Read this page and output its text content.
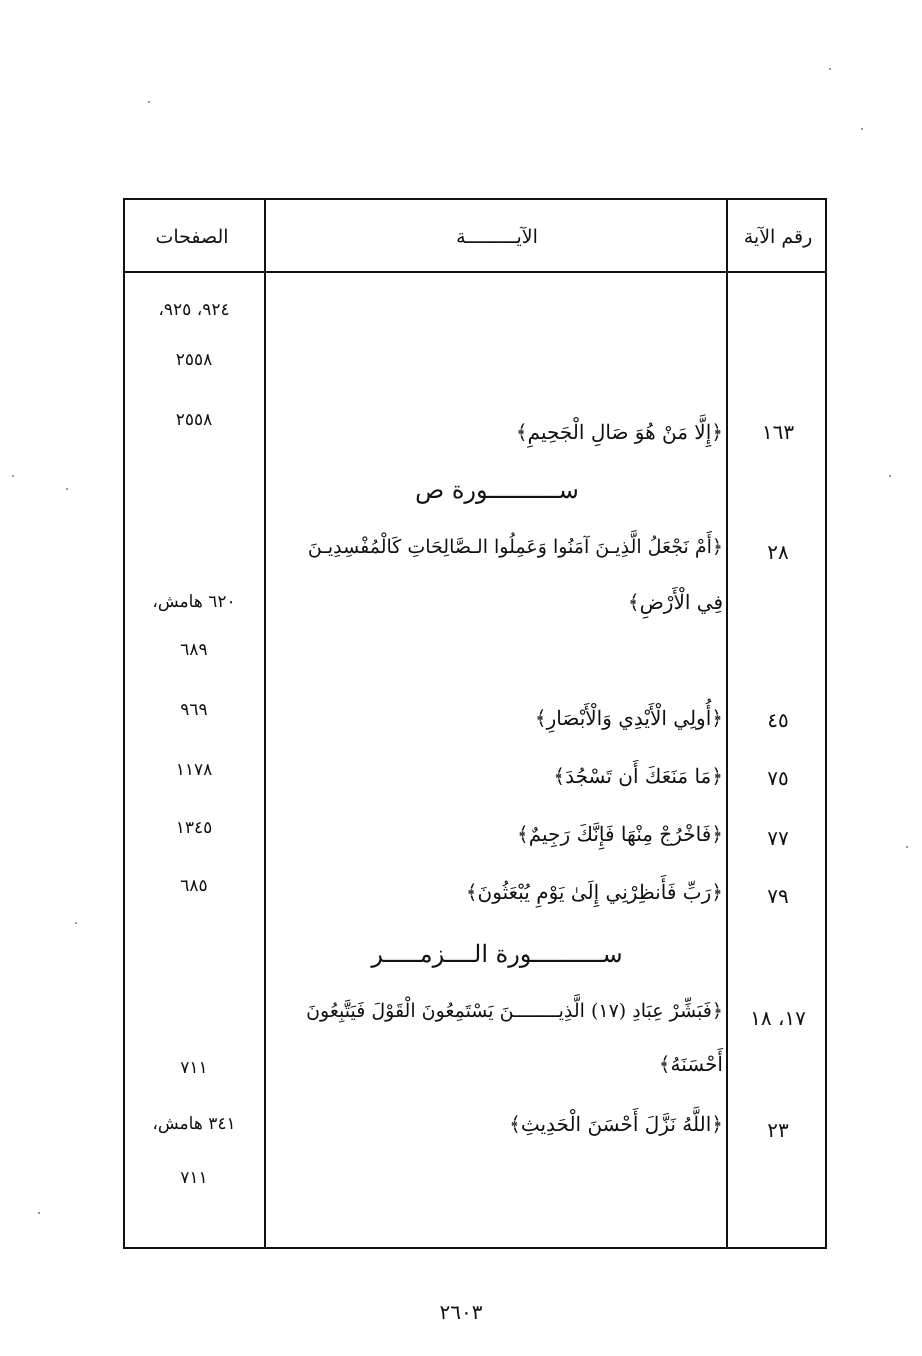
الصفحات	الآيـــــــــة	رقم الآية
٩٢٤، ٩٢٥،
٢٥٥٨
١٦٣
﴿إِلَّا مَنْ هُوَ صَالِ الْجَحِيمِ﴾
٢٥٥٨
ســــــــــورة ص
٢٨
﴿أَمْ نَجْعَلُ الَّذِيـنَ آمَنُوا وَعَمِلُوا الـصَّالِحَاتِ كَالْمُفْسِدِيـنَ
فِي الْأَرْضِ﴾
٦٢٠ هامش،
٦٨٩
٤٥
﴿أُولِي الْأَيْدِي وَالْأَبْصَارِ﴾
٩٦٩
٧٥
﴿مَا مَنَعَكَ أَن تَسْجُدَ﴾
١١٧٨
٧٧
﴿فَاخْرُجْ مِنْهَا فَإِنَّكَ رَجِيمٌ﴾
١٣٤٥
٧٩
﴿رَبِّ فَأَنظِرْنِي إِلَىٰ يَوْمِ يُبْعَثُونَ﴾
٦٨٥
ســــــــــورة الــــزمـــــر
١٧، ١٨
﴿فَبَشِّرْ عِبَادِ (١٧) الَّذِيــــــــنَ يَسْتَمِعُونَ الْقَوْلَ فَيَتَّبِعُونَ
أَحْسَنَهُ﴾
٧١١
٢٣
﴿اللَّهُ نَزَّلَ أَحْسَنَ الْحَدِيثِ﴾
٣٤١ هامش،
٧١١
٢٦٠٣
